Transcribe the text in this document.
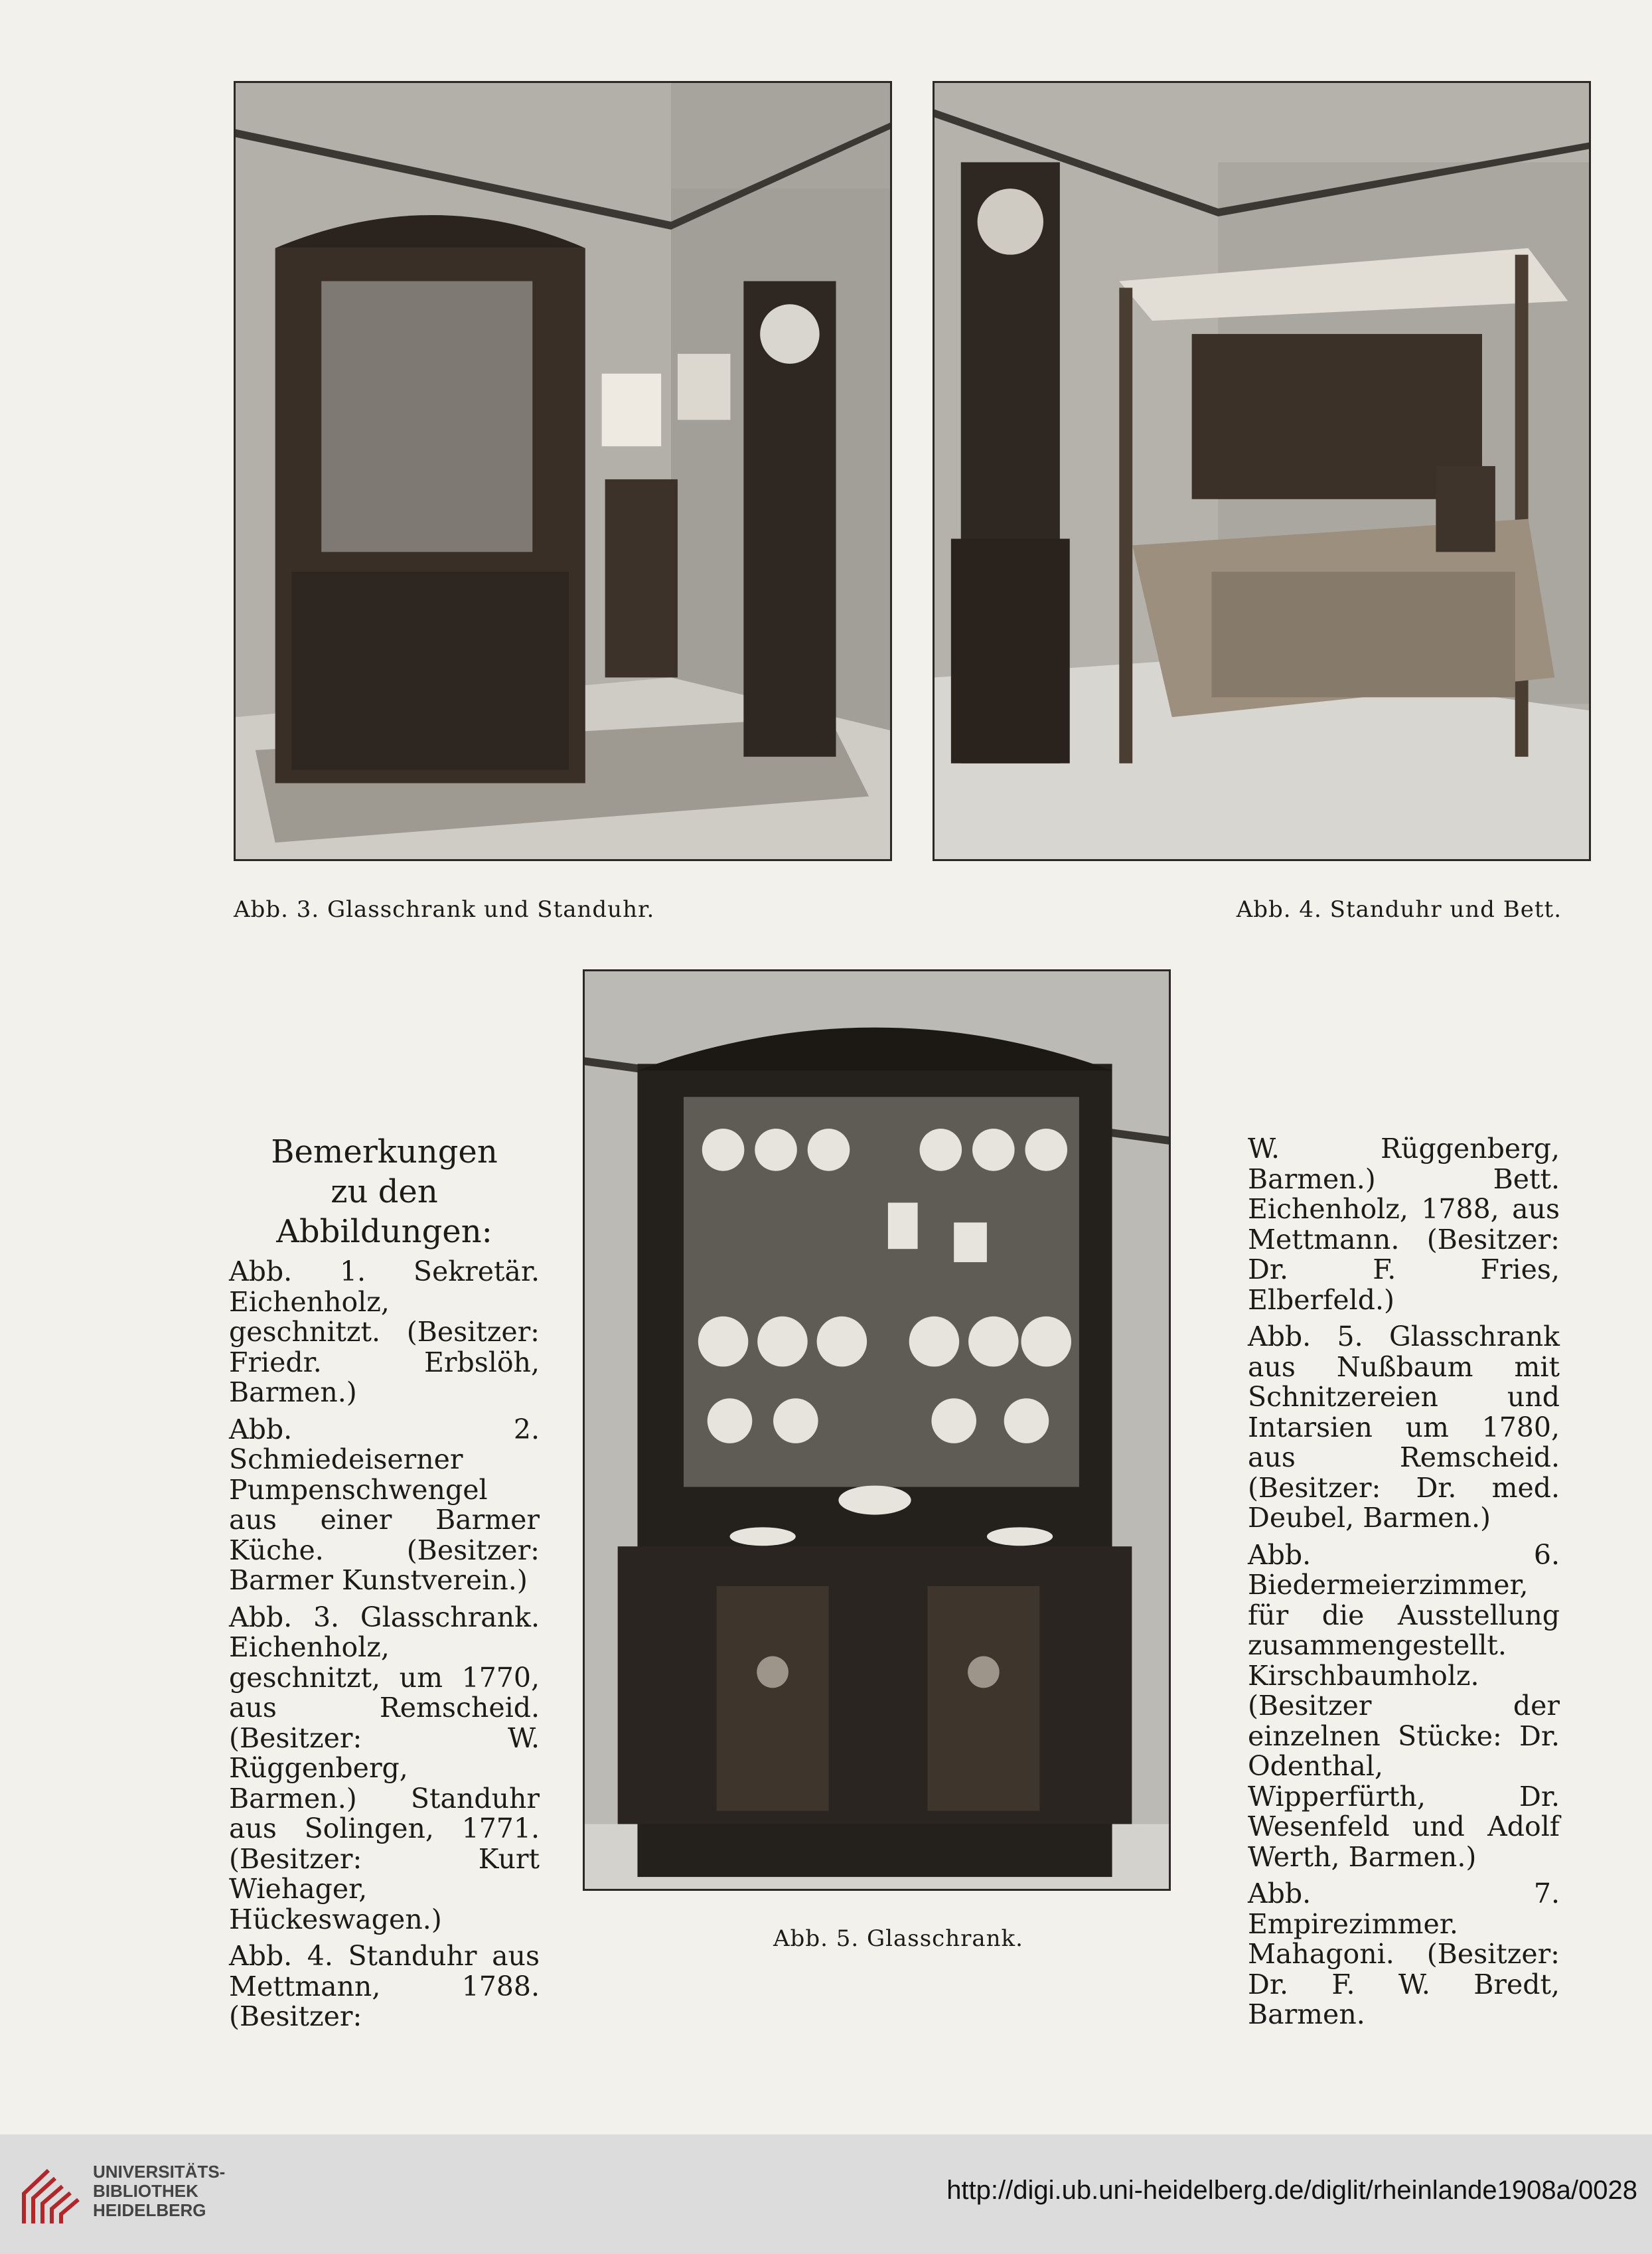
Abb. 3. Glasschrank und Standuhr.	Abb. 4. Standuhr und Bett.
Bemerkungen
zu den Abbildungen:

Abb. 1. Sekretär. Eichenholz, geschnitzt. (Besitzer: Friedr. Erbslöh, Barmen.)

Abb. 2. Schmiedeiserner Pumpenschwengel aus einer Barmer Küche. (Besitzer: Barmer Kunstverein.)

Abb. 3. Glasschrank. Eichenholz, geschnitzt, um 1770, aus Remscheid. (Besitzer: W. Rüggenberg, Barmen.) Standuhr aus Solingen, 1771. (Besitzer: Kurt Wiehager, Hückeswagen.)

Abb. 4. Standuhr aus Mettmann, 1788. (Besitzer:

W. Rüggenberg, Barmen.) Bett. Eichenholz, 1788, aus Mettmann. (Besitzer: Dr. F. Fries, Elberfeld.)

Abb. 5. Glasschrank aus Nußbaum mit Schnitzereien und Intarsien um 1780, aus Remscheid. (Besitzer: Dr. med. Deubel, Barmen.)

Abb. 6. Biedermeierzimmer, für die Ausstellung zusammengestellt. Kirschbaumholz. (Besitzer der einzelnen Stücke: Dr. Odenthal, Wipperfürth, Dr. Wesenfeld und Adolf Werth, Barmen.)

Abb. 7. Empirezimmer. Mahagoni. (Besitzer: Dr. F. W. Bredt, Barmen.

Abb. 5. Glasschrank.
UNIVERSITÄTS-
BIBLIOTHEK
HEIDELBERG
http://digi.ub.uni-heidelberg.de/diglit/rheinlande1908a/0028
